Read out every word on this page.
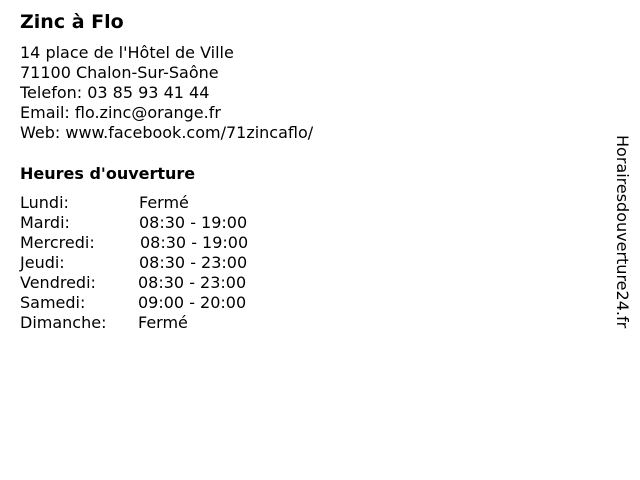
Zinc à Flo
14 place de l'Hôtel de Ville
71100 Chalon-Sur-Saône
Telefon: 03 85 93 41 44
Email: flo.zinc@orange.fr
Web: www.facebook.com/71zincaflo/
Heures d'ouverture
Lundi:	Fermé
Mardi:	08:30 - 19:00
Mercredi:	08:30 - 19:00
Jeudi:	08:30 - 23:00
Vendredi:	08:30 - 23:00
Samedi:	09:00 - 20:00
Dimanche: Fermé	Horairesdouverture24.fr
